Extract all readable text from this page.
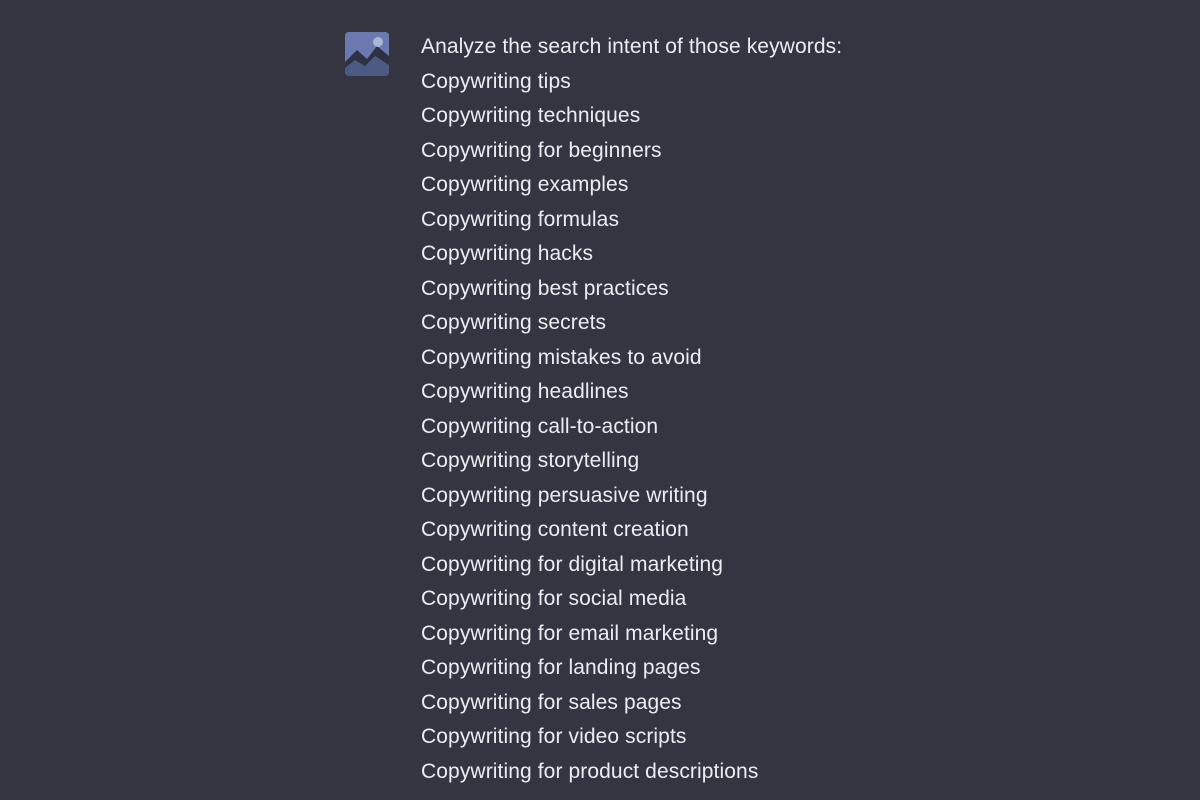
Analyze the search intent of those keywords:
Copywriting tips
Copywriting techniques
Copywriting for beginners
Copywriting examples
Copywriting formulas
Copywriting hacks
Copywriting best practices
Copywriting secrets
Copywriting mistakes to avoid
Copywriting headlines
Copywriting call-to-action
Copywriting storytelling
Copywriting persuasive writing
Copywriting content creation
Copywriting for digital marketing
Copywriting for social media
Copywriting for email marketing
Copywriting for landing pages
Copywriting for sales pages
Copywriting for video scripts
Copywriting for product descriptions
